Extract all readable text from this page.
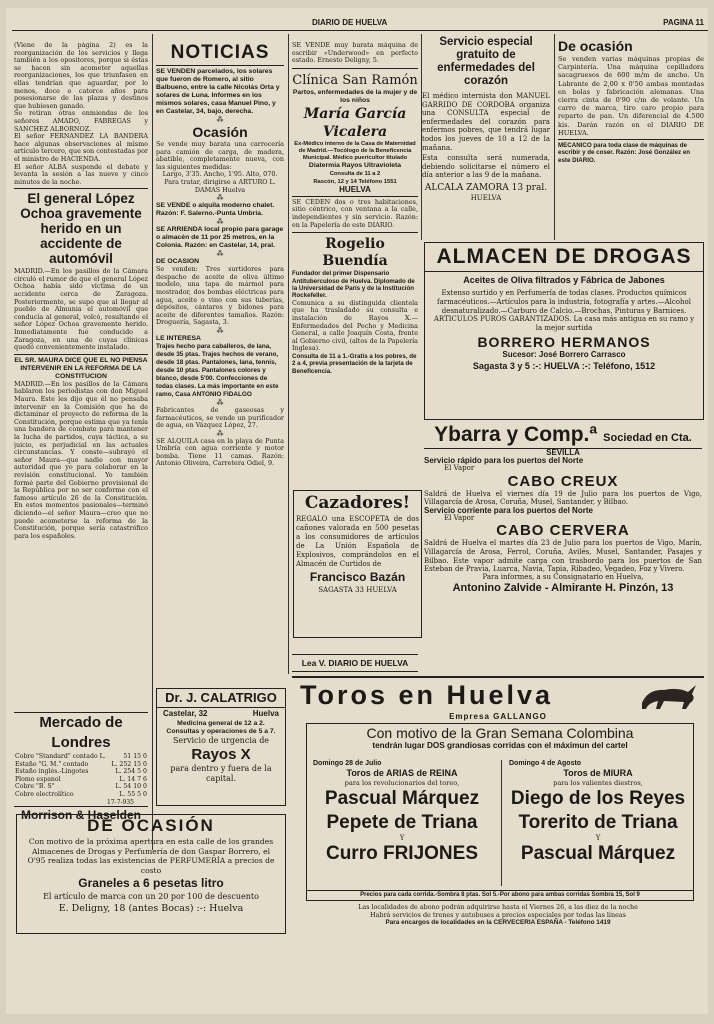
DIARIO DE HUELVA	PAGINA 11

(Viene de la página 2) es la reorganización de los servicios y llega también a los opositores, porque si éstas se hacen sin acometer aquellas reorganizaciones, los que triunfasen en ellas tendrían que aguardar, por lo menos, doce o catorce años para posesionarse de las plazas y destinos que hubiesen ganado.

Se retiran otras enmiendas de los señores AMADO, FABREGAS y SANCHEZ ALBORNOZ.

El señor FERNANDEZ LA BANDERA hace algunas observaciones al mismo artículo tercero, que son contestadas por el ministro de HACIENDA.

El señor ALBA suspende el debate y levanta la sesión a las nueve y cinco minutos de la noche.

El general López Ochoa gravemente herido en un accidente de automóvil

MADRID.—En los pasillos de la Cámara circuló el rumor de que el general López Ochoa había sido víctima de un accidente cerca de Zaragoza. Posteriormente, se supo que al llegar al pueblo de Almunia el automóvil que conducía al general, volcó, resultando el señor López Ochoa gravemente herido. Inmediatamente fué conducido a Zaragoza, en una de cuyas clínicas quedó convenientemente instalado.

EL SR. MAURA DICE QUE EL NO PIENSA INTERVENIR EN LA REFORMA DE LA CONSTITUCION

MADRID.—En los pasillos de la Cámara hablaron los periodistas con don Miguel Maura. Este les dijo que él no pensaba intervenir en la Comisión que ha de dictaminar el proyecto de reforma de la Constitución, porque estima que ya tenía una bandera de combate para mantener la lucha de partidos, cuya táctica, a su juicio, es perjudicial en las actuales circunstancias. Y conste—subrayó el señor Maura—que nadie con mayor autoridad que yo para colaborar en la revisión constitucional. Yo también formé parte del Gobierno provisional de la República por no ser conforme con el famoso artículo 26 de la Constitución. En estos momentos pasionales—terminó diciendo—el señor Maura—creo que no puede acometerse la reforma de la Constitución, porque sería catastrófico para los españoles.

Mercado de Londres
Cobre "Standard" contado L.	51 15 0
Estaño "G. M." contado	L. 252 15 0
Estaño inglés.-Lingotes	L. 254 5 0
Plomo espanol	L. 14 7 6
Cobre "B. S"	L. 54 10 0
Cobre electrolítico	L. 55 5 0
17-7-935
Morrison & Haselden
NOTICIAS

SE VENDEN parcelados, los solares que fueron de Romero, al sitio Balbueno, entre la calle Nicolás Orta y solares de Luna. Informes en los mismos solares, casa Manuel Pino, y en Castelar, 34, bajo, derecha.

⁂
Ocasión

Se vende muy barata una carrocería para camión de carga, de madera, abatible, completamente nueva, con las siguientes medidas:

Largo, 3'35. Ancho, 1'95. Alto, 070.

Para tratar, dirigirse a ARTURO L. DAMAS Huelva

⁂

SE VENDE o alquila moderno chalet. Razón: F. Salerno.-Punta Umbría.

⁂

SE ARRIENDA local propio para garage o almacén de 11 por 25 metros, en la Colonia. Razón: en Castelar, 14, pral.

⁂

DE OCASION

Se venden: Tres surtidores para despacho de aceite de oliva último modelo, una tapa de mármol para mostrador, dos bombas eléctricas para agua, aceite o vino con sus tuberías, depósitos, cántaros y bidones para aceite de diferentes tamaños. Razón: Droguería, Sagasta, 3.

⁂

LE INTERESA

Trajes hecho para caballeros, de lana, desde 35 ptas. Trajes hechos de verano, desde 18 ptas. Pantalones, lana, tennis, desde 10 ptas. Pantalones colores y blanco, desde 5'00. Confecciones de todas clases. La más importante en este ramo, Casa ANTONIO FIDALGO

⁂

Fabricantes de gaseosas y farmacéuticos, se vende un purificador de agua, en Vázquez López, 27.

⁂

SE ALQUILA casa en la playa de Punta Umbría con agua corriente y motor bomba. Tiene 11 camas. Razón: Antonio Oliveira, Carretera Odiel, 9.

Dr. J. CALATRIGO
Castelar, 32	Huelva
Medicina general de 12 a 2.
Consultas y operaciones de 5 a 7.
Servicio de urgencia de
Rayos X
para dentro y fuera de la capital.

SE VENDE muy barata máquina de escribir «Underwood» en perfecto estado. Ernesto Deligny, 5.

Clínica San Ramón

Partos, enfermedades de la mujer y de los niños

María García Vicalera

Ex-Médico interno de la Casa de Maternidad de Madrid.—Tocólogo de la Beneficencia Municipal. Médico puericultor titulado

Diatermia Rayos Ultravioleta

Consulta de 11 a 2

Rascón, 12 y 14 Teléfono 1551

HUELVA

SE CEDEN dos o tres habitaciones, sitio céntrico, con ventana a la calle, independientes y sin servicio. Razón: en la Papelería de este DIARIO.

Rogelio Buendía

Fundador del primer Dispensario Antituberculoso de Huelva. Diplomado de la Universidad de París y de la Institución Rockefeller.

Comunica a su distinguida clientela que ha trasladado su consulta e instalación de Rayos X.—Enfermedades del Pecho y Medicina General, a calle Joaquín Costa, frente al Gobierno civil, (altos de la Papelería Inglesa).

Consulta de 11 a 1.-Gratis a los pobres, de 2 a 4, previa presentación de la tarjeta de Beneficencia.

Cazadores!

REGALO una ESCOPETA de dos cañones valorada en 500 pesetas a los consumidores de artículos de La Unión Española de Explosivos, comprándolos en el Almacén de Curtidos de

Francisco Bazán
SAGASTA 33 HUELVA
Lea V. DIARIO DE HUELVA
Servicio especial gratuito de enfermedades del corazón

El médico internista don MANUEL GARRIDO DE CORDOBA organiza una CONSULTA especial de enfermedades del corazón para enfermos pobres, que tendrá lugar todos los jueves de 10 a 12 de la mañana.

Esta consulta será numerada, debiendo solicitarse el número el día anterior a las 9 de la mañana.

ALCALA ZAMORA 13 pral.
HUELVA
De ocasión

Se venden varias máquinas propias de Carpintería. Una máquina cepilladora sacagruesos de 600 m/m de ancho. Un Labrante de 2,00 x 0'50 ambas montadas en bolas y fabricación alemanas. Una cierra cinta de 0'90 c/m de volante. Un carro de marca, tiro caro propio para reparto de pan. Un diferencial de 4.500 kis. Darán razón en el DIARIO DE HUELVA.

MECANICO para toda clase de máquinas de escribir y de coser. Razón: José González en este DIARIO.

ALMACEN DE DROGAS
Aceites de Oliva filtrados y Fábrica de Jabones

Extenso surtido y en Perfumería de todas clases. Productos químicos farmacéuticos.—Artículos para la industria, fotografía y artes.—Alcohol desnaturalizado.—Carburo de Calcio.—Brochas, Pinturas y Barnices. ARTICULOS PUROS GARANTIZADOS. La casa más antigua en su ramo y la mejor surtida

BORRERO HERMANOS
Sucesor: José Borrero Carrasco
Sagasta 3 y 5 :-: HUELVA :-: Teléfono, 1512
Ybarra y Comp.ª Sociedad en Cta.
SEVILLA
Servicio rápido para los puertos del Norte
El Vapor
CABO CREUX

Saldrá de Huelva el viernes día 19 de Julio para los puertos de Vigo, Villagarcía de Arosa, Coruña, Musel, Santander, y Bilbao.

Servicio corriente para los puertos del Norte
El Vapor
CABO CERVERA

Saldrá de Huelva el martes día 23 de Julio para los puertos de Vigo, Marín, Villagarcía de Arosa, Ferrol, Coruña, Avilés, Musel, Santander, Pasajes y Bilbao. Este vapor admite carga con trasbordo para los puertos de San Esteban de Pravia, Luarca, Navia, Tapia, Ribadeo, Vegadeo, Foz y Vivero.

Para informes, a su Consignatario en Huelva,

Antonino Zalvide - Almirante H. Pinzón, 13
Toros en Huelva
Empresa GALLANGO
Con motivo de la Gran Semana Colombina
tendrán lugar DOS grandiosas corridas con el máximun del cartel
Domingo 28 de Julio
Toros de ARIAS de REINA
para los revolucionarios del toreo,
Pascual Márquez
Pepete de Triana
Y
Curro FRIJONES
Domingo 4 de Agosto
Toros de MIURA
para los valientes diestros,
Diego de los Reyes
Torerito de Triana
Y
Pascual Márquez
Precios para cada corrida.-Sombra 8 ptas. Sol 5.-Por abono para ambas corridas Sombra 15, Sol 9
Las localidades de abono podrán adquirirse hasta el Viernes 26, a las diez de la noche
Habrá servicios de trenes y autobuses a precios especiales por todas las líneas
Para encargos de localidades en la CERVECERIA ESPAÑA - Teléfono 1419
DE OCASIÓN

Con motivo de la próxima apertura en esta calle de los grandes Almacenes de Drogas y Perfumería de don Gaspar Borrero, el O'95 realiza todas las existencias de PERFUMERÍA a precios de costo

Graneles a 6 pesetas litro
El artículo de marca con un 20 por 100 de descuento
E. Deligny, 18 (antes Bocas) :-: Huelva
